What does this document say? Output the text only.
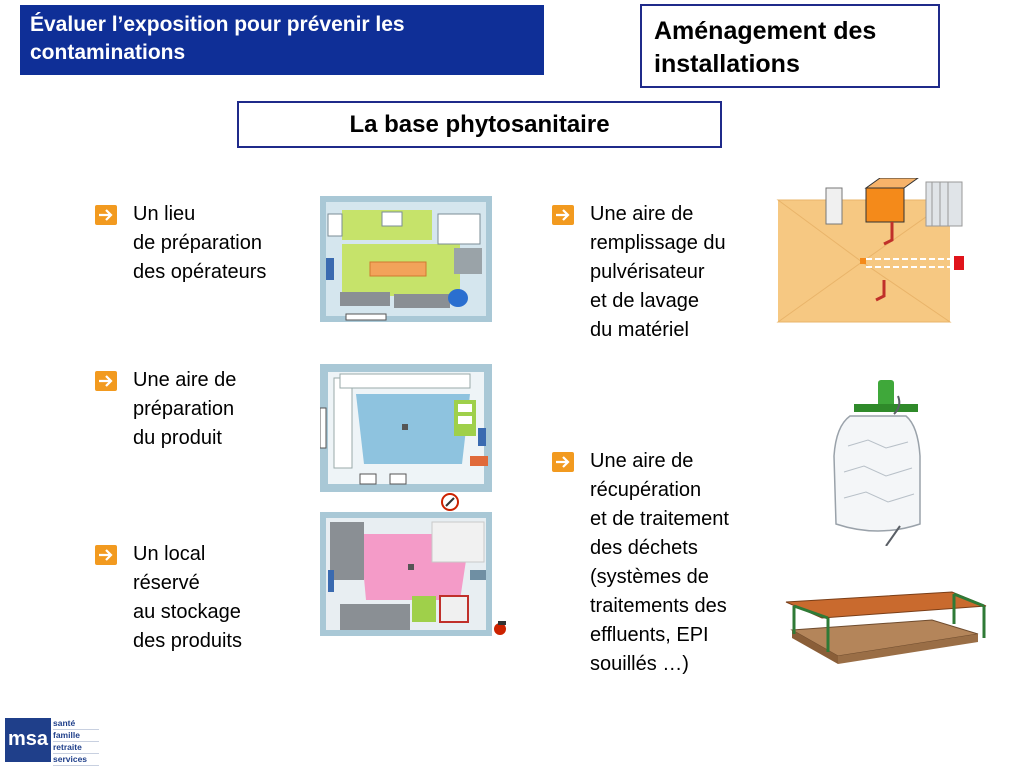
Évaluer l’exposition pour prévenir les
contaminations
Aménagement des
installations
La base phytosanitaire
Un lieu
de préparation
des opérateurs
Une aire de
préparation
du produit
Un local
réservé
au stockage
des produits
Une aire de
remplissage du
pulvérisateur
et de lavage
du matériel
Une aire de
récupération
et de traitement
des déchets
(systèmes de
traitements des
effluents, EPI
souillés …)
msa
santé
famille
retraite
services
